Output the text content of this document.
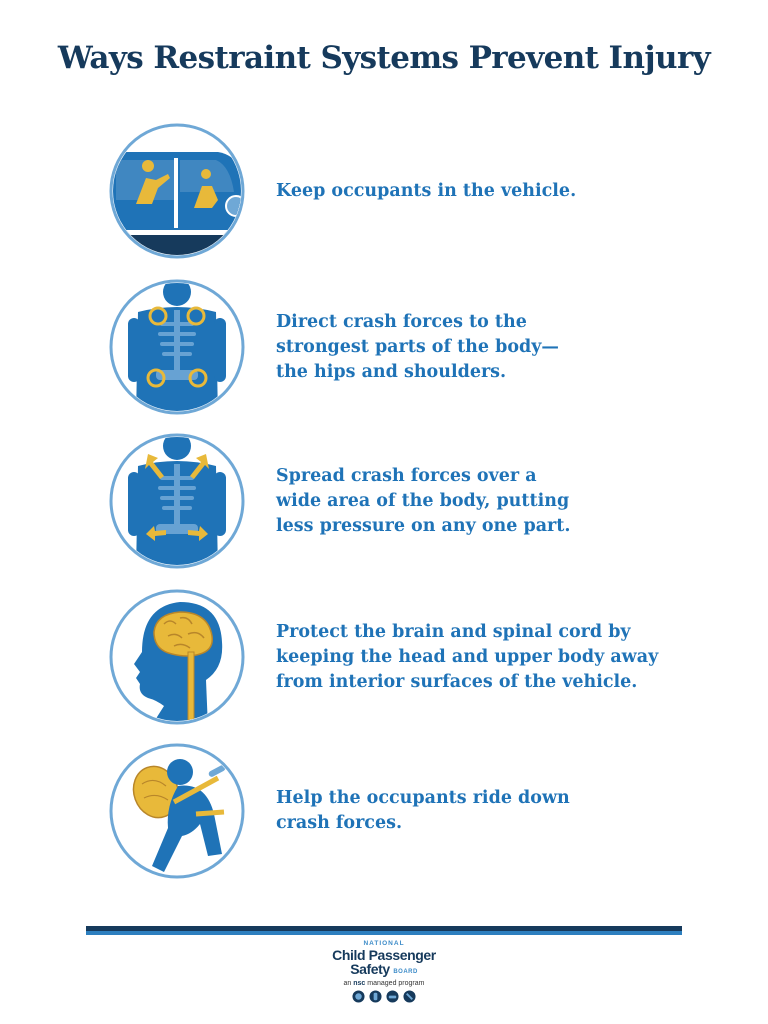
Ways Restraint Systems Prevent Injury
Keep occupants in the vehicle.
Direct crash forces to the
strongest parts of the body—
the hips and shoulders.
Spread crash forces over a
wide area of the body, putting
less pressure on any one part.
Protect the brain and spinal cord by
keeping the head and upper body away
from interior surfaces of the vehicle.
Help the occupants ride down
crash forces.
NATIONAL
Child Passenger
Safety BOARD
an nsc managed program
